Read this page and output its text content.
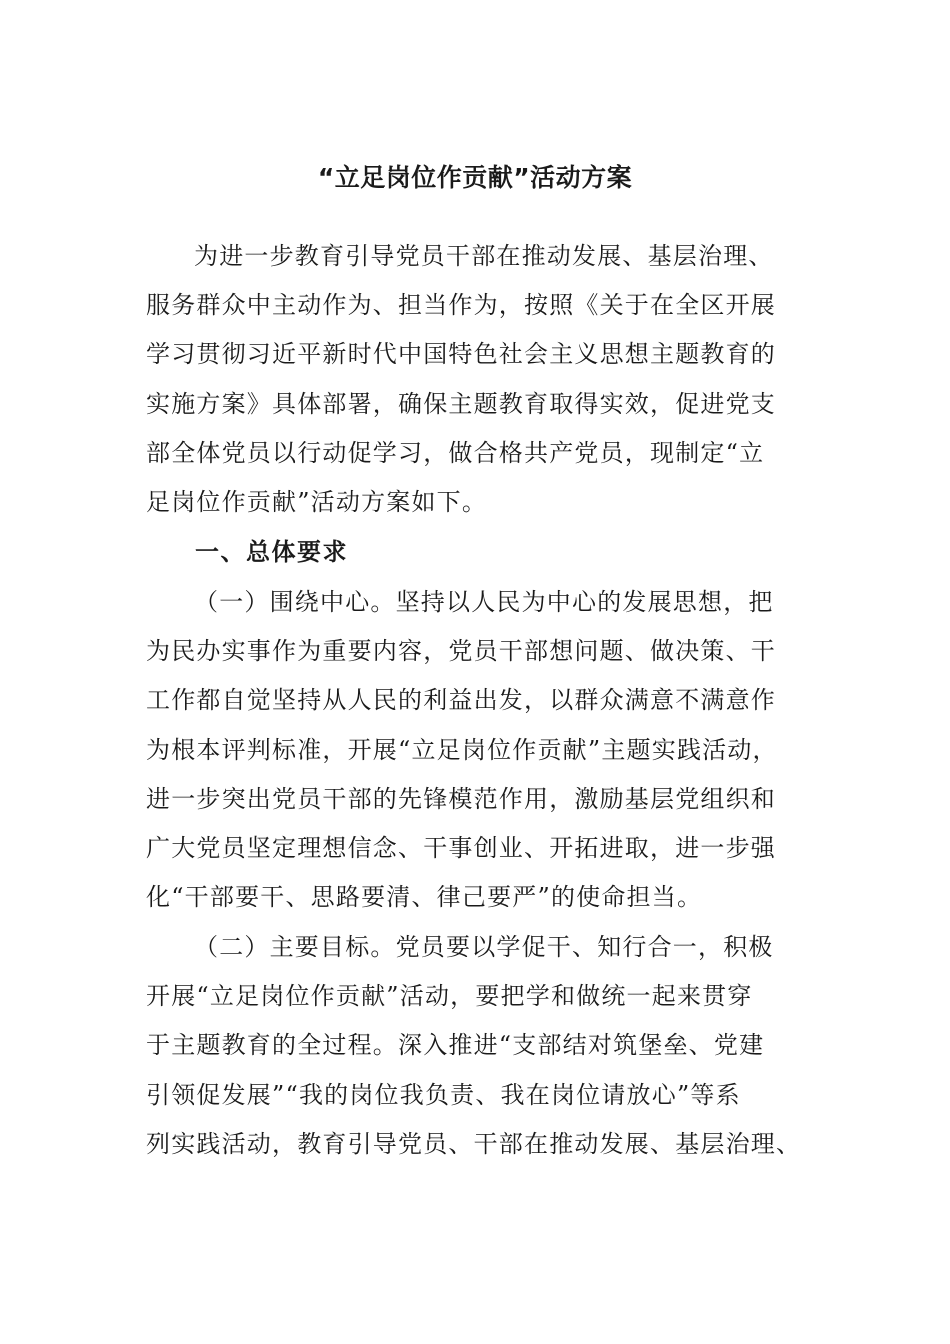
“立足岗位作贡献”活动方案
为进一步教育引导党员干部在推动发展、基层治理、
服务群众中主动作为、担当作为，按照《关于在全区开展
学习贯彻习近平新时代中国特色社会主义思想主题教育的
实施方案》具体部署，确保主题教育取得实效，促进党支
部全体党员以行动促学习，做合格共产党员，现制定“立
足岗位作贡献”活动方案如下。
一、总体要求
（一）围绕中心。坚持以人民为中心的发展思想，把
为民办实事作为重要内容，党员干部想问题、做决策、干
工作都自觉坚持从人民的利益出发，以群众满意不满意作
为根本评判标准，开展“立足岗位作贡献”主题实践活动，
进一步突出党员干部的先锋模范作用，激励基层党组织和
广大党员坚定理想信念、干事创业、开拓进取，进一步强
化“干部要干、思路要清、律己要严”的使命担当。
（二）主要目标。党员要以学促干、知行合一，积极
开展“立足岗位作贡献”活动，要把学和做统一起来贯穿
于主题教育的全过程。深入推进“支部结对筑堡垒、党建
引领促发展”“我的岗位我负责、我在岗位请放心”等系
列实践活动，教育引导党员、干部在推动发展、基层治理、
